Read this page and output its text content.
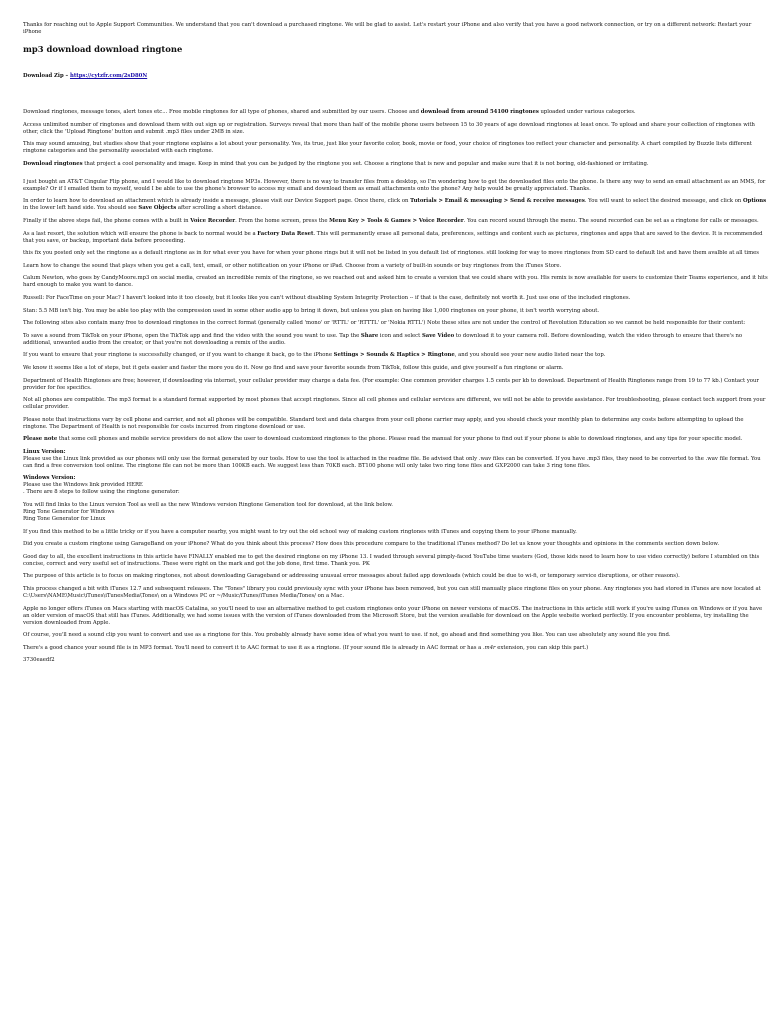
Thanks for reaching out to Apple Support Communities. We understand that you can't download a purchased ringtone. We will be glad to assist. Let's restart your iPhone and also verify that you have a good network connection, or try on a different network: Restart your iPhone

mp3 download download ringtone

Download Zip – https://cytzfr.com/2sD80N

Download ringtones, message tones, alert tones etc... Free mobile ringtones for all type of phones, shared and submitted by our users. Choose and download from around 54100 ringtones uploaded under various categories.

Access unlimited number of ringtones and download them with out sign up or registration. Surveys reveal that more than half of the mobile phone users between 15 to 30 years of age download ringtones at least once. To upload and share your collection of ringtones with other, click the 'Upload Ringtone' button and submit .mp3 files under 2MB in size.

This may sound amusing, but studies show that your ringtone explains a lot about your personality. Yes, its true, just like your favorite color, book, movie or food, your choice of ringtones too reflect your character and personality. A chart compiled by Buzzle lists different ringtone categories and the personality associated with each ringtone.

Download ringtones that project a cool personality and image. Keep in mind that you can be judged by the ringtone you set. Choose a ringtone that is new and popular and make sure that it is not boring, old-fashioned or irritating.

I just bought an AT&T Cingular Flip phone, and I would like to download ringtone MP3s. However, there is no way to transfer files from a desktop, so I'm wondering how to get the downloaded files onto the phone. Is there any way to send an email attachment as an MMS, for example? Or if I emailed them to myself, would I be able to use the phone's browser to access my email and download them as email attachments onto the phone? Any help would be greatly appreciated. Thanks.

In order to learn how to download an attachment which is already inside a message, please visit our Device Support page. Once there, click on Tutorials > Email & messaging > Send & receive messages. You will want to select the desired message, and click on Options in the lower left hand side. You should see Save Objects after scrolling a short distance.

Finally if the above steps fail, the phone comes with a built in Voice Recorder. From the home screen, press the Menu Key > Tools & Games > Voice Recorder. You can record sound through the menu. The sound recorded can be set as a ringtone for calls or messages.

As a last resort, the solution which will ensure the phone is back to normal would be a Factory Data Reset. This will permanently erase all personal data, preferences, settings and content such as pictures, ringtones and apps that are saved to the device. It is recommended that you save, or backup, important data before proceeding.

this fix you posted only set the ringtone as a default ringtone as in for what ever you have for when your phone rings but it will not be listed in you default list of ringtones. still looking for way to move ringtones from SD card to default list and have them avalble at all times

Learn how to change the sound that plays when you get a call, text, email, or other notification on your iPhone or iPad. Choose from a variety of built-in sounds or buy ringtones from the iTunes Store.

Calum Newton, who goes by CandyMoore.mp3 on social media, created an incredible remix of the ringtone, so we reached out and asked him to create a version that we could share with you. His remix is now available for users to customize their Teams experience, and it hits hard enough to make you want to dance.

Russell: For FaceTime on your Mac? I haven't looked into it too closely, but it looks like you can't without disabling System Integrity Protection -- if that is the case, definitely not worth it. Just use one of the included ringtones.

Stan: 5.5 MB isn't big. You may be able too play with the compression used in some other audio app to bring it down, but unless you plan on having like 1,000 ringtones on your phone, it isn't worth worrying about.

The following sites also contain many free to download ringtones in the correct format (generally called 'mono' or 'RTTL' or 'RTTTL' or 'Nokia RTTL') Note these sites are not under the control of Revolution Education so we cannot be held responsible for their content:

To save a sound from TikTok on your iPhone, open the TikTok app and find the video with the sound you want to use. Tap the Share icon and select Save Video to download it to your camera roll. Before downloading, watch the video through to ensure that there's no additional, unwanted audio from the creator, or that you're not downloading a remix of the audio.

If you want to ensure that your ringtone is successfully changed, or if you want to change it back, go to the iPhone Settings > Sounds & Haptics > Ringtone, and you should see your new audio listed near the top.

We know it seems like a lot of steps, but it gets easier and faster the more you do it. Now go find and save your favorite sounds from TikTok, follow this guide, and give yourself a fun ringtone or alarm.

Department of Health Ringtones are free; however, if downloading via internet, your cellular provider may charge a data fee. (For example: One common provider charges 1.5 cents per kb to download. Department of Health Ringtones range from 19 to 77 kb.) Contact your provider for fee specifics.

Not all phones are compatible. The mp3 format is a standard format supported by most phones that accept ringtones. Since all cell phones and cellular services are different, we will not be able to provide assistance. For troubleshooting, please contact tech support from your cellular provider.

Please note that instructions vary by cell phone and carrier, and not all phones will be compatible. Standard text and data charges from your cell phone carrier may apply, and you should check your monthly plan to determine any costs before attempting to upload the ringtone. The Department of Health is not responsible for costs incurred from ringtone download or use.

Please note that some cell phones and mobile service providers do not allow the user to download customized ringtones to the phone. Please read the manual for your phone to find out if your phone is able to download ringtones, and any tips for your specific model.

Linux Version:
Please use the Linux link provided as our phones will only use the format generated by our tools. How to use the tool is attached in the readme file. Be advised that only .wav files can be converted. If you have .mp3 files, they need to be converted to the .wav file format. You can find a free conversion tool online. The ringtone file can not be more than 100KB each. We suggest less than 70KB each. BT100 phone will only take two ring tone files and GXP2000 can take 3 ring tone files.

Windows Version:
Please use the Windows link provided HERE
. There are 8 steps to follow using the ringtone generator:

You will find links to the Linux version Tool as well as the new Windows version Ringtone Generation tool for download, at the link below.
Ring Tone Generator for Windows
Ring Tone Generator for Linux

If you find this method to be a little tricky or if you have a computer nearby, you might want to try out the old school way of making custom ringtones with iTunes and copying them to your iPhone manually.

Did you create a custom ringtone using GarageBand on your iPhone? What do you think about this process? How does this procedure compare to the traditional iTunes method? Do let us know your thoughts and opinions in the comments section down below.

Good day to all, the excellent instructions in this article have FINALLY enabled me to get the desired ringtone on my iPhone 13. I waded through several pimply-faced YouTube time wasters (God, those kids need to learn how to use video correctly) before I stumbled on this concise, correct and very useful set of instructions. These were right on the mark and got the job done, first time. Thank you. PK

The purpose of this article is to focus on making ringtones, not about downloading Garageband or addressing unusual error messages about failed app downloads (which could be due to wi-fi, or temporary service disruptions, or other reasons).

This process changed a bit with iTunes 12.7 and subsequent releases. The "Tones" library you could previously sync with your iPhone has been removed, but you can still manually place ringtone files on your phone. Any ringtones you had stored in iTunes are now located at C:\Users\NAME\Music\iTunes\iTunesMedia\Tones\ on a Windows PC or ~/Music/iTunes/iTunes Media/Tones/ on a Mac.

Apple no longer offers iTunes on Macs starting with macOS Catalina, so you'll need to use an alternative method to get custom ringtones onto your iPhone on newer versions of macOS. The instructions in this article still work if you're using iTunes on Windows or if you have an older version of macOS that still has iTunes. Additionally, we had some issues with the version of iTunes downloaded from the Microsoft Store, but the version available for download on the Apple website worked perfectly. If you encounter problems, try installing the version downloaded from Apple.

Of course, you'll need a sound clip you want to convert and use as a ringtone for this. You probably already have some idea of what you want to use. if not, go ahead and find something you like. You can use absolutely any sound file you find.

There's a good chance your sound file is in MP3 format. You'll need to convert it to AAC format to use it as a ringtone. (If your sound file is already in AAC format or has a .m4r extension, you can skip this part.)

3730eaedf2
